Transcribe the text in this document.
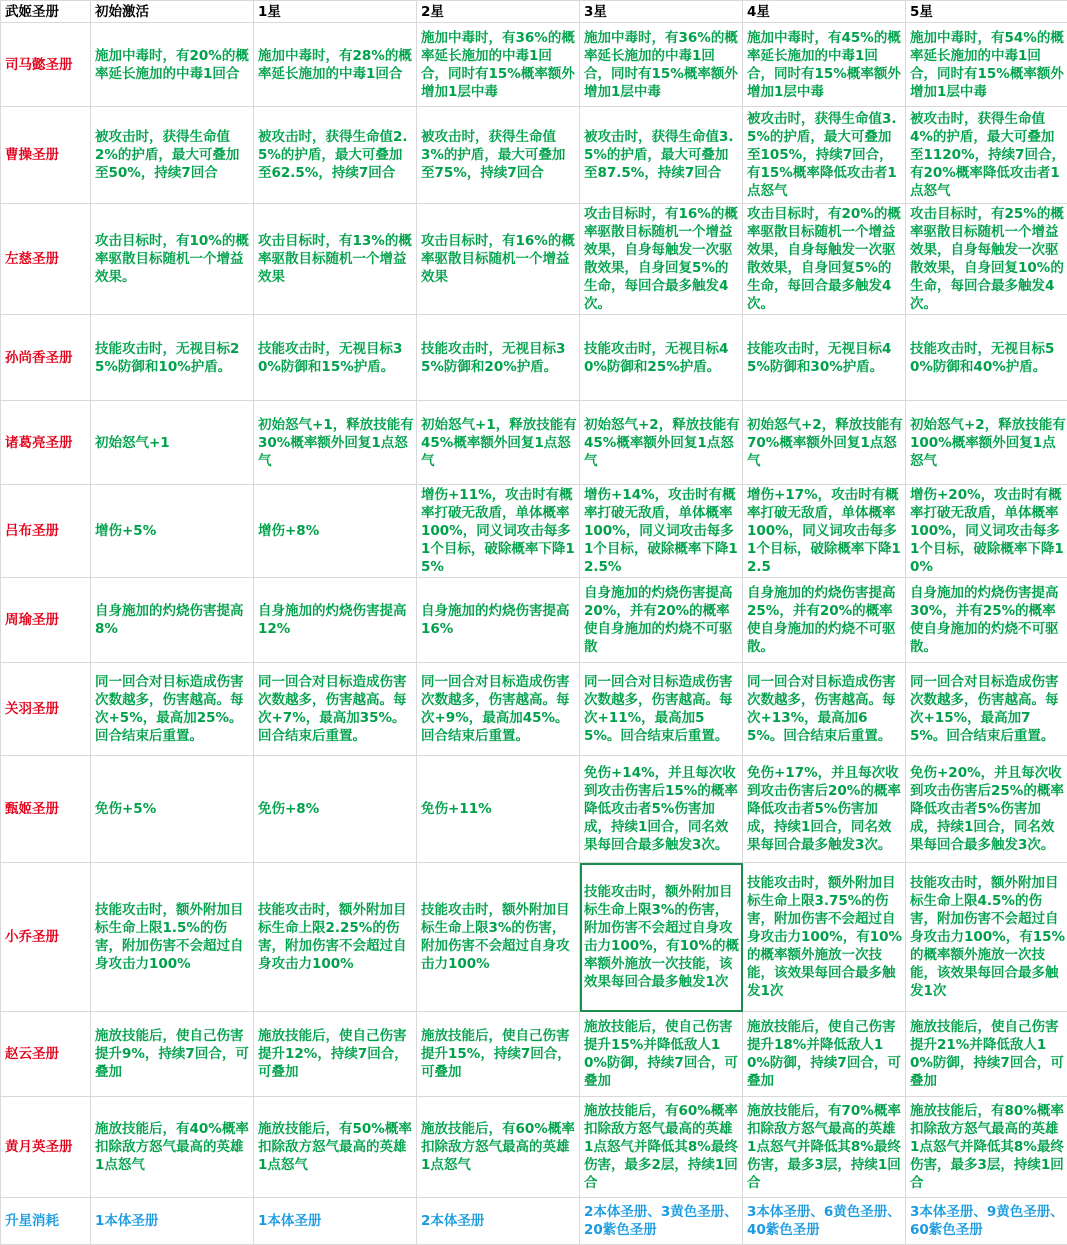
武姬圣册	初始激活	1星	2星	3星	4星	5星
司马懿圣册	施加中毒时，有20%的概率延长施加的中毒1回合	施加中毒时，有28%的概率延长施加的中毒1回合	施加中毒时，有36%的概率延长施加的中毒1回合，同时有15%概率额外增加1层中毒	施加中毒时，有36%的概率延长施加的中毒1回合，同时有15%概率额外增加1层中毒	施加中毒时，有45%的概率延长施加的中毒1回合，同时有15%概率额外增加1层中毒	施加中毒时，有54%的概率延长施加的中毒1回合，同时有15%概率额外增加1层中毒
曹操圣册	被攻击时，获得生命值2%的护盾，最大可叠加至50%，持续7回合	被攻击时，获得生命值2.5%的护盾，最大可叠加至62.5%，持续7回合	被攻击时，获得生命值3%的护盾，最大可叠加至75%，持续7回合	被攻击时，获得生命值3.5%的护盾，最大可叠加至87.5%，持续7回合	被攻击时，获得生命值3.5%的护盾，最大可叠加至105%，持续7回合，有15%概率降低攻击者1点怒气	被攻击时，获得生命值4%的护盾，最大可叠加至1120%，持续7回合，有20%概率降低攻击者1点怒气
左慈圣册	攻击目标时，有10%的概率驱散目标随机一个增益效果。	攻击目标时，有13%的概率驱散目标随机一个增益效果	攻击目标时，有16%的概率驱散目标随机一个增益效果	攻击目标时，有16%的概率驱散目标随机一个增益效果，自身每触发一次驱散效果，自身回复5%的生命，每回合最多触发4次。	攻击目标时，有20%的概率驱散目标随机一个增益效果，自身每触发一次驱散效果，自身回复5%的生命，每回合最多触发4次。	攻击目标时，有25%的概率驱散目标随机一个增益效果，自身每触发一次驱散效果，自身回复10%的生命，每回合最多触发4次。
孙尚香圣册	技能攻击时，无视目标25%防御和10%护盾。	技能攻击时，无视目标30%防御和15%护盾。	技能攻击时，无视目标35%防御和20%护盾。	技能攻击时，无视目标40%防御和25%护盾。	技能攻击时，无视目标45%防御和30%护盾。	技能攻击时，无视目标50%防御和40%护盾。
诸葛亮圣册	初始怒气+1	初始怒气+1，释放技能有30%概率额外回复1点怒气	初始怒气+1，释放技能有45%概率额外回复1点怒气	初始怒气+2，释放技能有45%概率额外回复1点怒气	初始怒气+2，释放技能有70%概率额外回复1点怒气	初始怒气+2，释放技能有100%概率额外回复1点怒气
吕布圣册	增伤+5%	增伤+8%	增伤+11%，攻击时有概率打破无敌盾，单体概率100%，同义词攻击每多1个目标，破除概率下降15%	增伤+14%，攻击时有概率打破无敌盾，单体概率100%，同义词攻击每多1个目标，破除概率下降12.5%	增伤+17%，攻击时有概率打破无敌盾，单体概率100%，同义词攻击每多1个目标，破除概率下降12.5	增伤+20%，攻击时有概率打破无敌盾，单体概率100%，同义词攻击每多1个目标，破除概率下降10%
周瑜圣册	自身施加的灼烧伤害提高8%	自身施加的灼烧伤害提高12%	自身施加的灼烧伤害提高16%	自身施加的灼烧伤害提高20%，并有20%的概率使自身施加的灼烧不可驱散	自身施加的灼烧伤害提高25%，并有20%的概率使自身施加的灼烧不可驱散。	自身施加的灼烧伤害提高30%，并有25%的概率使自身施加的灼烧不可驱散。
关羽圣册	同一回合对目标造成伤害次数越多，伤害越高。每次+5%，最高加25%。回合结束后重置。	同一回合对目标造成伤害次数越多，伤害越高。每次+7%，最高加35%。回合结束后重置。	同一回合对目标造成伤害次数越多，伤害越高。每次+9%，最高加45%。回合结束后重置。	同一回合对目标造成伤害次数越多，伤害越高。每次+11%，最高加55%。回合结束后重置。	同一回合对目标造成伤害次数越多，伤害越高。每次+13%，最高加65%。回合结束后重置。	同一回合对目标造成伤害次数越多，伤害越高。每次+15%，最高加75%。回合结束后重置。
甄姬圣册	免伤+5%	免伤+8%	免伤+11%	免伤+14%，并且每次收到攻击伤害后15%的概率降低攻击者5%伤害加成，持续1回合，同名效果每回合最多触发3次。	免伤+17%，并且每次收到攻击伤害后20%的概率降低攻击者5%伤害加成，持续1回合，同名效果每回合最多触发3次。	免伤+20%，并且每次收到攻击伤害后25%的概率降低攻击者5%伤害加成，持续1回合，同名效果每回合最多触发3次。
小乔圣册	技能攻击时，额外附加目标生命上限1.5%的伤害，附加伤害不会超过自身攻击力100%	技能攻击时，额外附加目标生命上限2.25%的伤害，附加伤害不会超过自身攻击力100%	技能攻击时，额外附加目标生命上限3%的伤害，附加伤害不会超过自身攻击力100%	技能攻击时，额外附加目标生命上限3%的伤害，附加伤害不会超过自身攻击力100%，有10%的概率额外施放一次技能，该效果每回合最多触发1次	技能攻击时，额外附加目标生命上限3.75%的伤害，附加伤害不会超过自身攻击力100%，有10%的概率额外施放一次技能，该效果每回合最多触发1次	技能攻击时，额外附加目标生命上限4.5%的伤害，附加伤害不会超过自身攻击力100%，有15%的概率额外施放一次技能，该效果每回合最多触发1次
赵云圣册	施放技能后，使自己伤害提升9%，持续7回合，可叠加	施放技能后，使自己伤害提升12%，持续7回合，可叠加	施放技能后，使自己伤害提升15%，持续7回合，可叠加	施放技能后，使自己伤害提升15%并降低敌人10%防御，持续7回合，可叠加	施放技能后，使自己伤害提升18%并降低敌人10%防御，持续7回合，可叠加	施放技能后，使自己伤害提升21%并降低敌人10%防御，持续7回合，可叠加
黄月英圣册	施放技能后，有40%概率扣除敌方怒气最高的英雄1点怒气	施放技能后，有50%概率扣除敌方怒气最高的英雄1点怒气	施放技能后，有60%概率扣除敌方怒气最高的英雄1点怒气	施放技能后，有60%概率扣除敌方怒气最高的英雄1点怒气并降低其8%最终伤害，最多2层，持续1回合	施放技能后，有70%概率扣除敌方怒气最高的英雄1点怒气并降低其8%最终伤害，最多3层，持续1回合	施放技能后，有80%概率扣除敌方怒气最高的英雄1点怒气并降低其8%最终伤害，最多3层，持续1回合
升星消耗	1本体圣册	1本体圣册	2本体圣册	2本体圣册、3黄色圣册、20紫色圣册	3本体圣册、6黄色圣册、40紫色圣册	3本体圣册、9黄色圣册、60紫色圣册
